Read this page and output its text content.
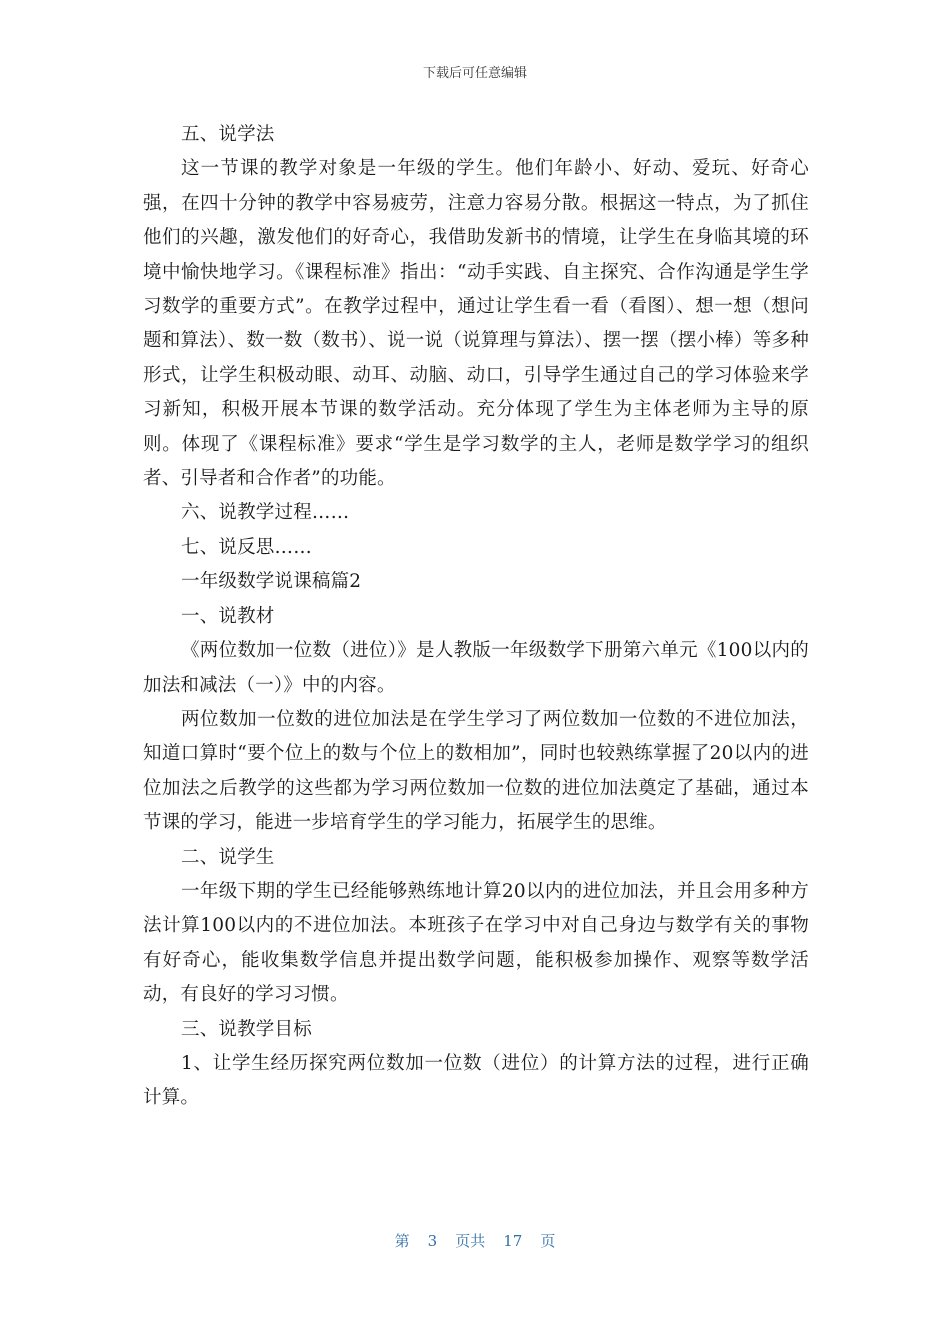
下载后可任意编辑

五、说学法

这一节课的教学对象是一年级的学生。他们年龄小、好动、爱玩、好奇心强，在四十分钟的教学中容易疲劳，注意力容易分散。根据这一特点，为了抓住他们的兴趣，激发他们的好奇心，我借助发新书的情境，让学生在身临其境的环境中愉快地学习。《课程标准》指出：“动手实践、自主探究、合作沟通是学生学习数学的重要方式”。在教学过程中，通过让学生看一看（看图）、想一想（想问题和算法）、数一数（数书）、说一说（说算理与算法）、摆一摆（摆小棒）等多种形式，让学生积极动眼、动耳、动脑、动口，引导学生通过自己的学习体验来学习新知，积极开展本节课的数学活动。充分体现了学生为主体老师为主导的原则。体现了《课程标准》要求“学生是学习数学的主人，老师是数学学习的组织者、引导者和合作者”的功能。

六、说教学过程……

七、说反思……

一年级数学说课稿篇2

一、说教材

《两位数加一位数（进位）》是人教版一年级数学下册第六单元《100以内的加法和减法（一）》中的内容。

两位数加一位数的进位加法是在学生学习了两位数加一位数的不进位加法，知道口算时“要个位上的数与个位上的数相加”，同时也较熟练掌握了20以内的进位加法之后教学的这些都为学习两位数加一位数的进位加法奠定了基础，通过本节课的学习，能进一步培育学生的学习能力，拓展学生的思维。

二、说学生

一年级下期的学生已经能够熟练地计算20以内的进位加法，并且会用多种方法计算100以内的不进位加法。本班孩子在学习中对自己身边与数学有关的事物有好奇心，能收集数学信息并提出数学问题，能积极参加操作、观察等数学活动，有良好的学习习惯。

三、说教学目标

1、让学生经历探究两位数加一位数（进位）的计算方法的过程，进行正确计算。

第 3 页共 17 页
